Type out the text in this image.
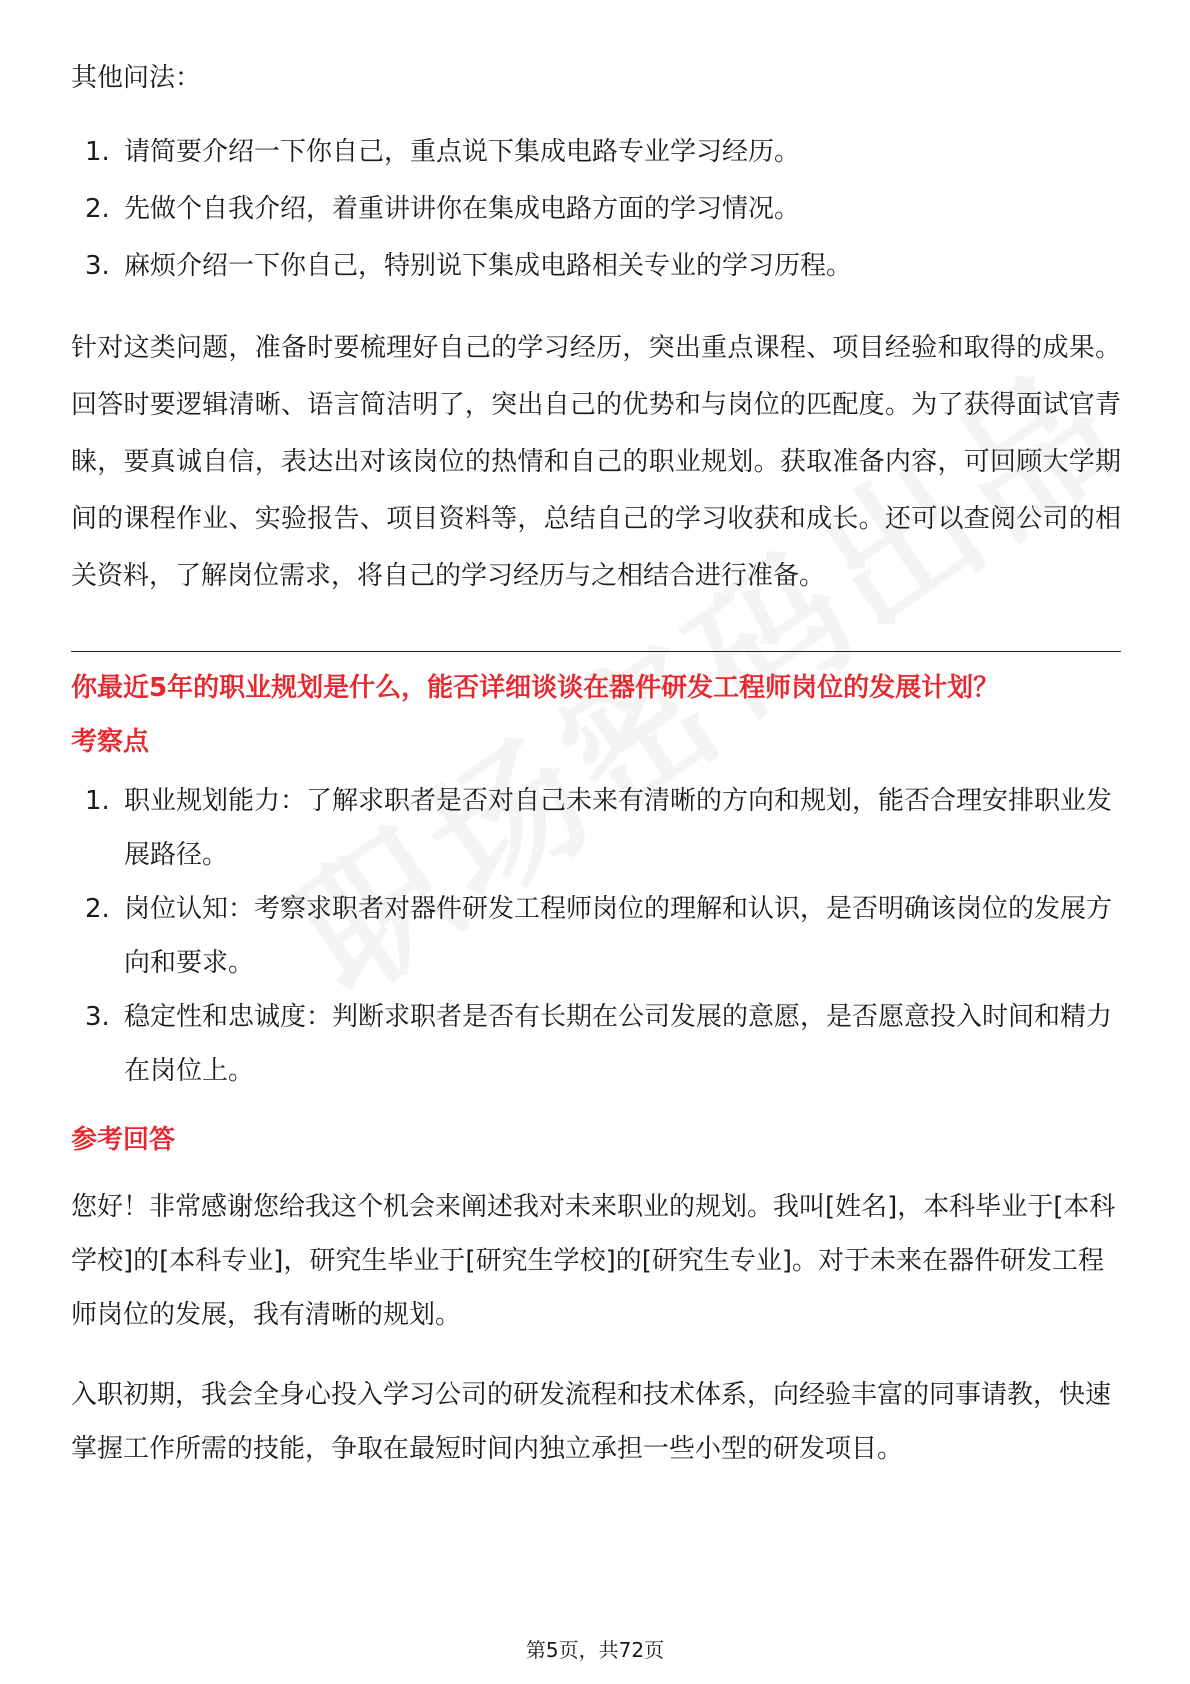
其他问法：

1. 请简要介绍一下你自己，重点说下集成电路专业学习经历。
2. 先做个自我介绍，着重讲讲你在集成电路方面的学习情况。
3. 麻烦介绍一下你自己，特别说下集成电路相关专业的学习历程。

针对这类问题，准备时要梳理好自己的学习经历，突出重点课程、项目经验和取得的成果。回答时要逻辑清晰、语言简洁明了，突出自己的优势和与岗位的匹配度。为了获得面试官青睐，要真诚自信，表达出对该岗位的热情和自己的职业规划。获取准备内容，可回顾大学期间的课程作业、实验报告、项目资料等，总结自己的学习收获和成长。还可以查阅公司的相关资料，了解岗位需求，将自己的学习经历与之相结合进行准备。

你最近5年的职业规划是什么，能否详细谈谈在器件研发工程师岗位的发展计划？

考察点

1. 职业规划能力：了解求职者是否对自己未来有清晰的方向和规划，能否合理安排职业发展路径。
2. 岗位认知：考察求职者对器件研发工程师岗位的理解和认识，是否明确该岗位的发展方向和要求。
3. 稳定性和忠诚度：判断求职者是否有长期在公司发展的意愿，是否愿意投入时间和精力在岗位上。

参考回答

您好！非常感谢您给我这个机会来阐述我对未来职业的规划。我叫[姓名]，本科毕业于[本科学校]的[本科专业]，研究生毕业于[研究生学校]的[研究生专业]。对于未来在器件研发工程师岗位的发展，我有清晰的规划。

入职初期，我会全身心投入学习公司的研发流程和技术体系，向经验丰富的同事请教，快速掌握工作所需的技能，争取在最短时间内独立承担一些小型的研发项目。

第5页，共72页
